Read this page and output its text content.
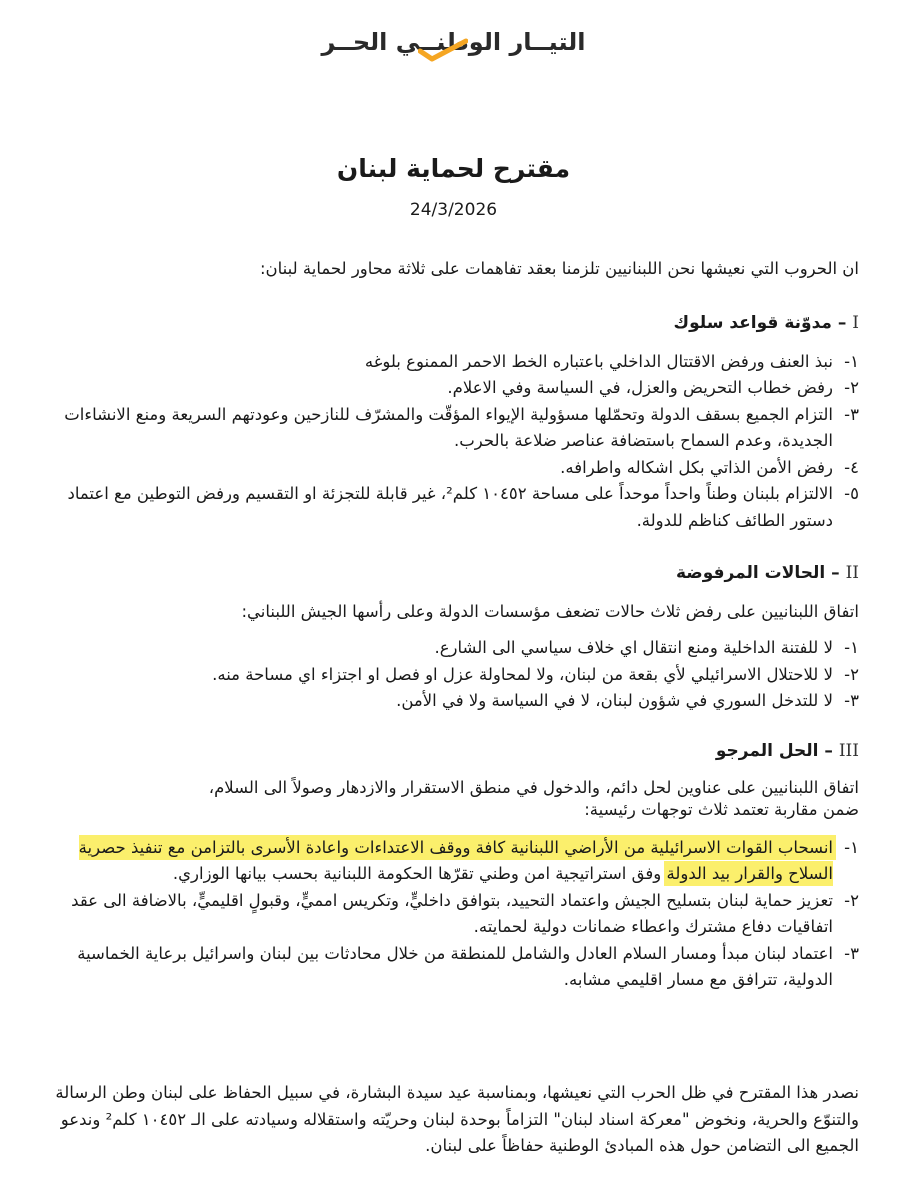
التيــار الوطنــي الحــر
مقترح لحماية لبنان
24/3/2026

ان الحروب التي نعيشها نحن اللبنانيين تلزمنا بعقد تفاهمات على ثلاثة محاور لحماية لبنان:

I – مدوّنة قواعد سلوك

١-
نبذ العنف ورفض الاقتتال الداخلي باعتباره الخط الاحمر الممنوع بلوغه
٢-
رفض خطاب التحريض والعزل، في السياسة وفي الاعلام.
٣-
التزام الجميع بسقف الدولة وتحمّلها مسؤولية الإيواء المؤقّت والمشرّف للنازحين وعودتهم السريعة ومنع الانشاءات الجديدة، وعدم السماح باستضافة عناصر ضلاعة بالحرب.
٤-
رفض الأمن الذاتي بكل اشكاله واطرافه.
٥-
الالتزام بلبنان وطناً واحداً موحداً على مساحة ١٠٤٥٢ كلم²، غير قابلة للتجزئة او التقسيم ورفض التوطين مع اعتماد دستور الطائف كناظم للدولة.

II – الحالات المرفوضة

اتفاق اللبنانيين على رفض ثلاث حالات تضعف مؤسسات الدولة وعلى رأسها الجيش اللبناني:

١-
لا للفتنة الداخلية ومنع انتقال اي خلاف سياسي الى الشارع.
٢-
لا للاحتلال الاسرائيلي لأي بقعة من لبنان، ولا لمحاولة عزل او فصل او اجتزاء اي مساحة منه.
٣-
لا للتدخل السوري في شؤون لبنان، لا في السياسة ولا في الأمن.

III – الحل المرجو

اتفاق اللبنانيين على عناوين لحل دائم، والدخول في منطق الاستقرار والازدهار وصولاً الى السلام،
ضمن مقاربة تعتمد ثلاث توجهات رئيسية:

١-
انسحاب القوات الاسرائيلية من الأراضي اللبنانية كافة ووقف الاعتداءات واعادة الأسرى بالتزامن مع تنفيذ حصرية السلاح والقرار بيد الدولة وفق استراتيجية امن وطني تقرّها الحكومة اللبنانية بحسب بيانها الوزاري.
٢-
تعزيز حماية لبنان بتسليح الجيش واعتماد التحييد، بتوافق داخليٍّ، وتكريس امميٍّ، وقبولٍ اقليميٍّ، بالاضافة الى عقد اتفاقيات دفاع مشترك واعطاء ضمانات دولية لحمايته.
٣-
اعتماد لبنان مبدأ ومسار السلام العادل والشامل للمنطقة من خلال محادثات بين لبنان واسرائيل برعاية الخماسية الدولية، تترافق مع مسار اقليمي مشابه.

نصدر هذا المقترح في ظل الحرب التي نعيشها، وبمناسبة عيد سيدة البشارة، في سبيل الحفاظ على لبنان وطن الرسالة والتنوّع والحرية، ونخوض "معركة اسناد لبنان" التزاماً بوحدة لبنان وحريّته واستقلاله وسيادته على الـ ١٠٤٥٢ كلم² وندعو الجميع الى التضامن حول هذه المبادئ الوطنية حفاظاً على لبنان.
